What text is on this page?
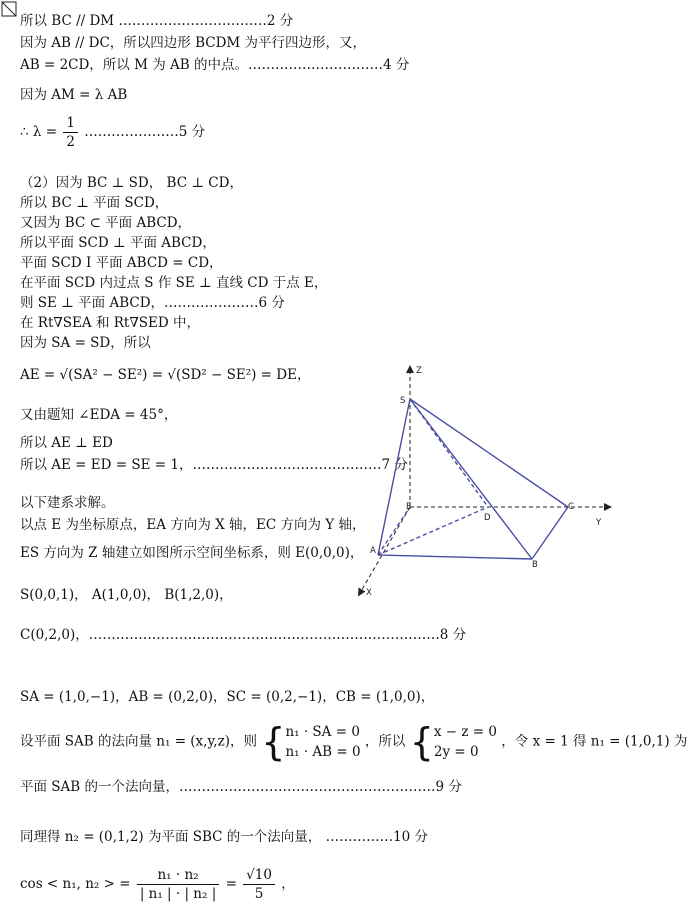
所以 BC // DM ……………………………2 分
因为 AB // DC，所以四边形 BCDM 为平行四边形，又，
AB = 2CD，所以 M 为 AB 的中点。…………………………4 分
因为 AM = λ AB
∴ $\lambda = \frac{1}{2}$ …………………5 分
（2）因为 BC ⊥ SD， BC ⊥ CD，
所以 BC ⊥ 平面 SCD，
又因为 BC ⊂ 平面 ABCD，
所以平面 SCD ⊥ 平面 ABCD，
平面 SCD I 平面 ABCD = CD，
在平面 SCD 内过点 S 作 SE ⊥ 直线 CD 于点 E，
则 SE ⊥ 平面 ABCD，…………………6 分
在 Rt∇SEA 和 Rt∇SED 中，
因为 SA = SD，所以
AE = √(SA² − SE²) = √(SD² − SE²) = DE，
又由题知 ∠EDA = 45°，
所以 AE ⊥ ED
所以 AE = ED = SE = 1，……………………………………7 分
以下建系求解。
以点 E 为坐标原点，EA 方向为 X 轴，EC 方向为 Y 轴，
ES 方向为 Z 轴建立如图所示空间坐标系，则 E(0,0,0)，
S(0,0,1)， A(1,0,0)， B(1,2,0)，
C(0,2,0)，……………………………………………………………………8 分
SA = (1,0,−1)，AB = (0,2,0)，SC = (0,2,−1)，CB = (1,0,0)，
设平面 SAB 的法向量 n₁ = (x,y,z)，则 { n₁ · SA = 0
n₁ · AB = 0
，所以 { x − z = 0
2y = 0
，令 x = 1 得 n₁ = (1,0,1) 为
平面 SAB 的一个法向量，…………………………………………………9 分
同理得 n₂ = (0,1,2) 为平面 SBC 的一个法向量， ……………10 分
cos < n₁, n₂ > = $\frac{\text{n₁ · n₂}}{\text{| n₁ | · | n₂ |}} = \frac{√10}{5}$ ，
Z
Y
X
S
E
D
C
A
B
